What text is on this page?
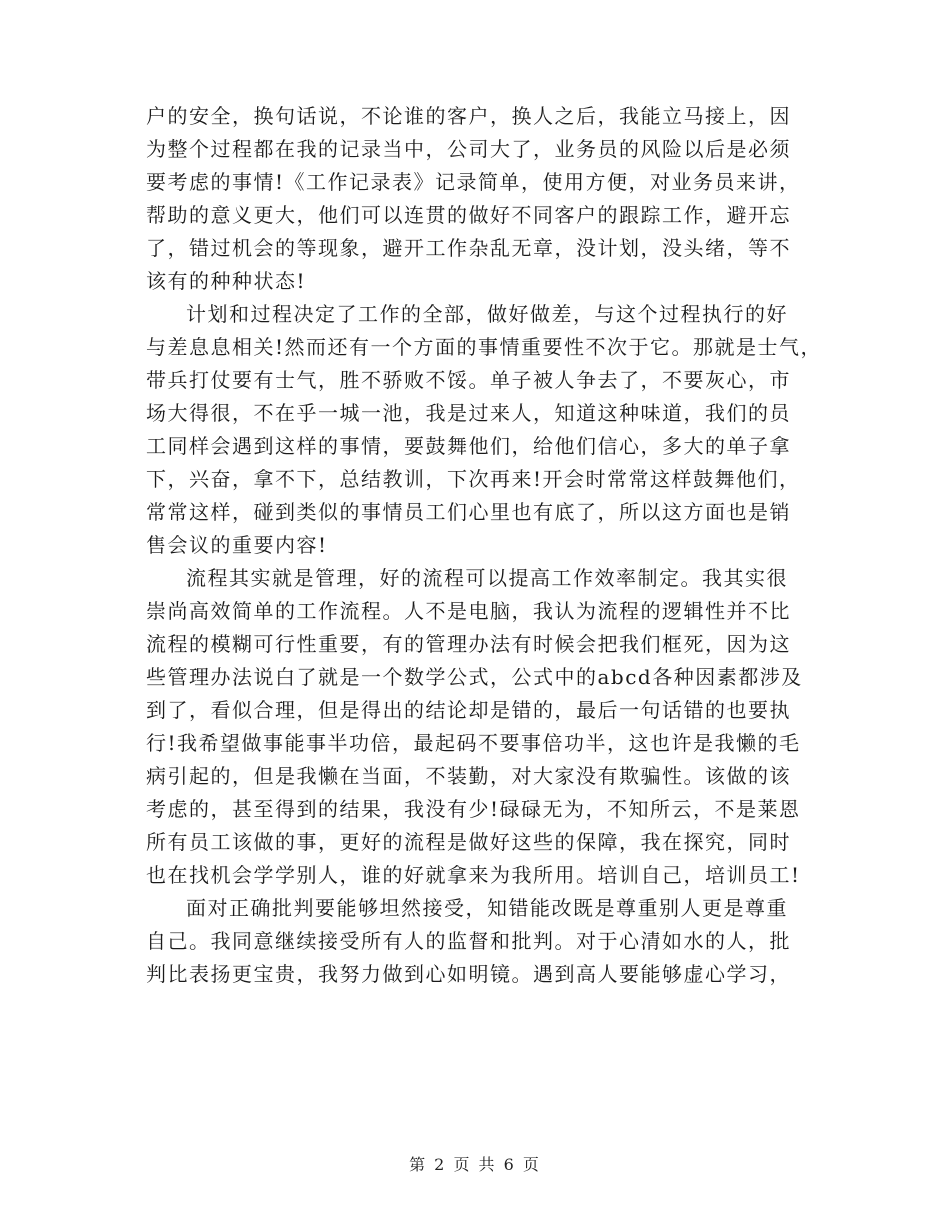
户的安全，换句话说，不论谁的客户，换人之后，我能立马接上，因
为整个过程都在我的记录当中，公司大了，业务员的风险以后是必须
要考虑的事情!《工作记录表》记录简单，使用方便，对业务员来讲，
帮助的意义更大，他们可以连贯的做好不同客户的跟踪工作，避开忘
了，错过机会的等现象，避开工作杂乱无章，没计划，没头绪，等不
该有的种种状态!
计划和过程决定了工作的全部，做好做差，与这个过程执行的好
与差息息相关!然而还有一个方面的事情重要性不次于它。那就是士气，
带兵打仗要有士气，胜不骄败不馁。单子被人争去了，不要灰心，市
场大得很，不在乎一城一池，我是过来人，知道这种味道，我们的员
工同样会遇到这样的事情，要鼓舞他们，给他们信心，多大的单子拿
下，兴奋，拿不下，总结教训，下次再来!开会时常常这样鼓舞他们，
常常这样，碰到类似的事情员工们心里也有底了，所以这方面也是销
售会议的重要内容!
流程其实就是管理，好的流程可以提高工作效率制定。我其实很
崇尚高效简单的工作流程。人不是电脑，我认为流程的逻辑性并不比
流程的模糊可行性重要，有的管理办法有时候会把我们框死，因为这
些管理办法说白了就是一个数学公式，公式中的abcd各种因素都涉及
到了，看似合理，但是得出的结论却是错的，最后一句话错的也要执
行!我希望做事能事半功倍，最起码不要事倍功半，这也许是我懒的毛
病引起的，但是我懒在当面，不装勤，对大家没有欺骗性。该做的该
考虑的，甚至得到的结果，我没有少!碌碌无为，不知所云，不是莱恩
所有员工该做的事，更好的流程是做好这些的保障，我在探究，同时
也在找机会学学别人，谁的好就拿来为我所用。培训自己，培训员工!
面对正确批判要能够坦然接受，知错能改既是尊重别人更是尊重
自己。我同意继续接受所有人的监督和批判。对于心清如水的人，批
判比表扬更宝贵，我努力做到心如明镜。遇到高人要能够虚心学习，
第 2 页 共 6 页
